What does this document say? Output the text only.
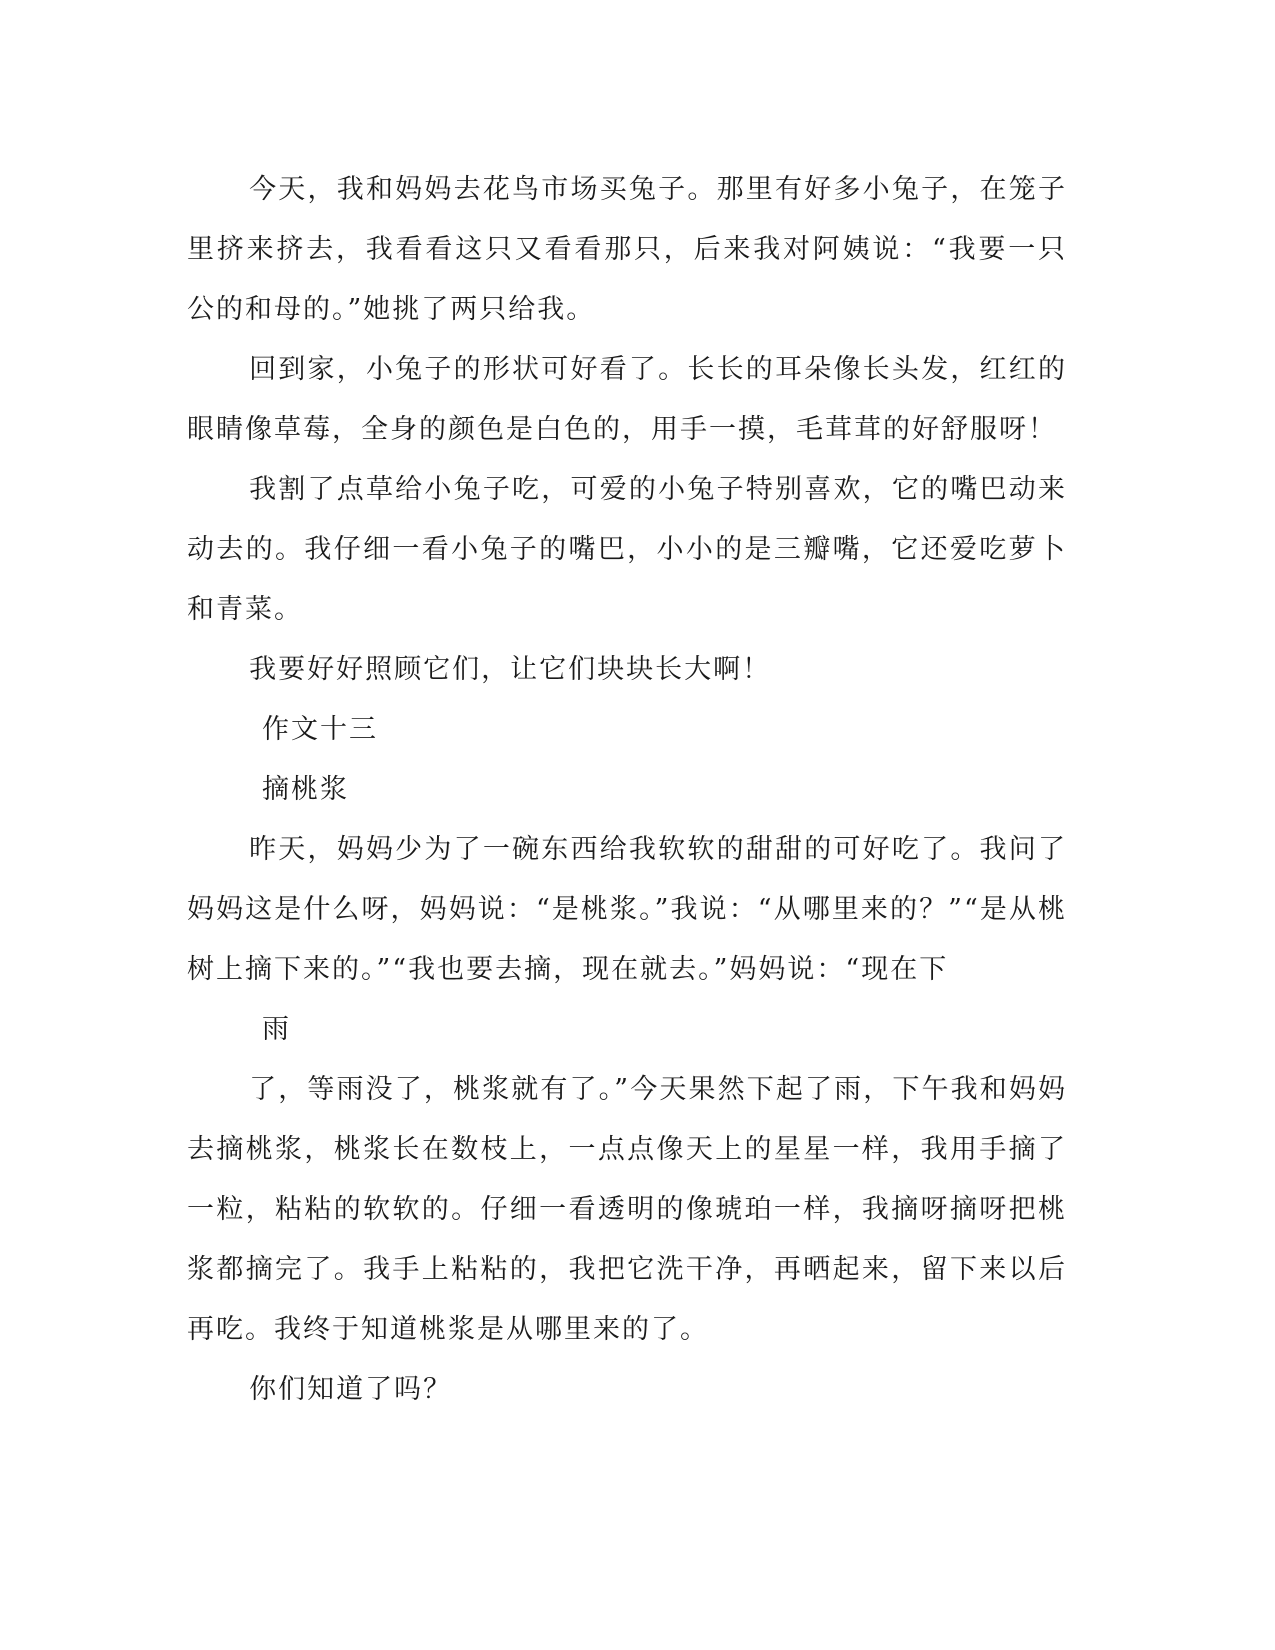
今天，我和妈妈去花鸟市场买兔子。那里有好多小兔子，在笼子里挤来挤去，我看看这只又看看那只，后来我对阿姨说：“我要一只公的和母的。”她挑了两只给我。

回到家，小兔子的形状可好看了。长长的耳朵像长头发，红红的眼睛像草莓，全身的颜色是白色的，用手一摸，毛茸茸的好舒服呀！

我割了点草给小兔子吃，可爱的小兔子特别喜欢，它的嘴巴动来动去的。我仔细一看小兔子的嘴巴，小小的是三瓣嘴，它还爱吃萝卜和青菜。

我要好好照顾它们，让它们块块长大啊！

作文十三

摘桃浆

昨天，妈妈少为了一碗东西给我软软的甜甜的可好吃了。我问了妈妈这是什么呀，妈妈说：“是桃浆。”我说：“从哪里来的？”“是从桃树上摘下来的。”“我也要去摘，现在就去。”妈妈说：“现在下

雨

了，等雨没了，桃浆就有了。”今天果然下起了雨，下午我和妈妈去摘桃浆，桃浆长在数枝上，一点点像天上的星星一样，我用手摘了一粒，粘粘的软软的。仔细一看透明的像琥珀一样，我摘呀摘呀把桃浆都摘完了。我手上粘粘的，我把它洗干净，再晒起来，留下来以后再吃。我终于知道桃浆是从哪里来的了。

你们知道了吗？
